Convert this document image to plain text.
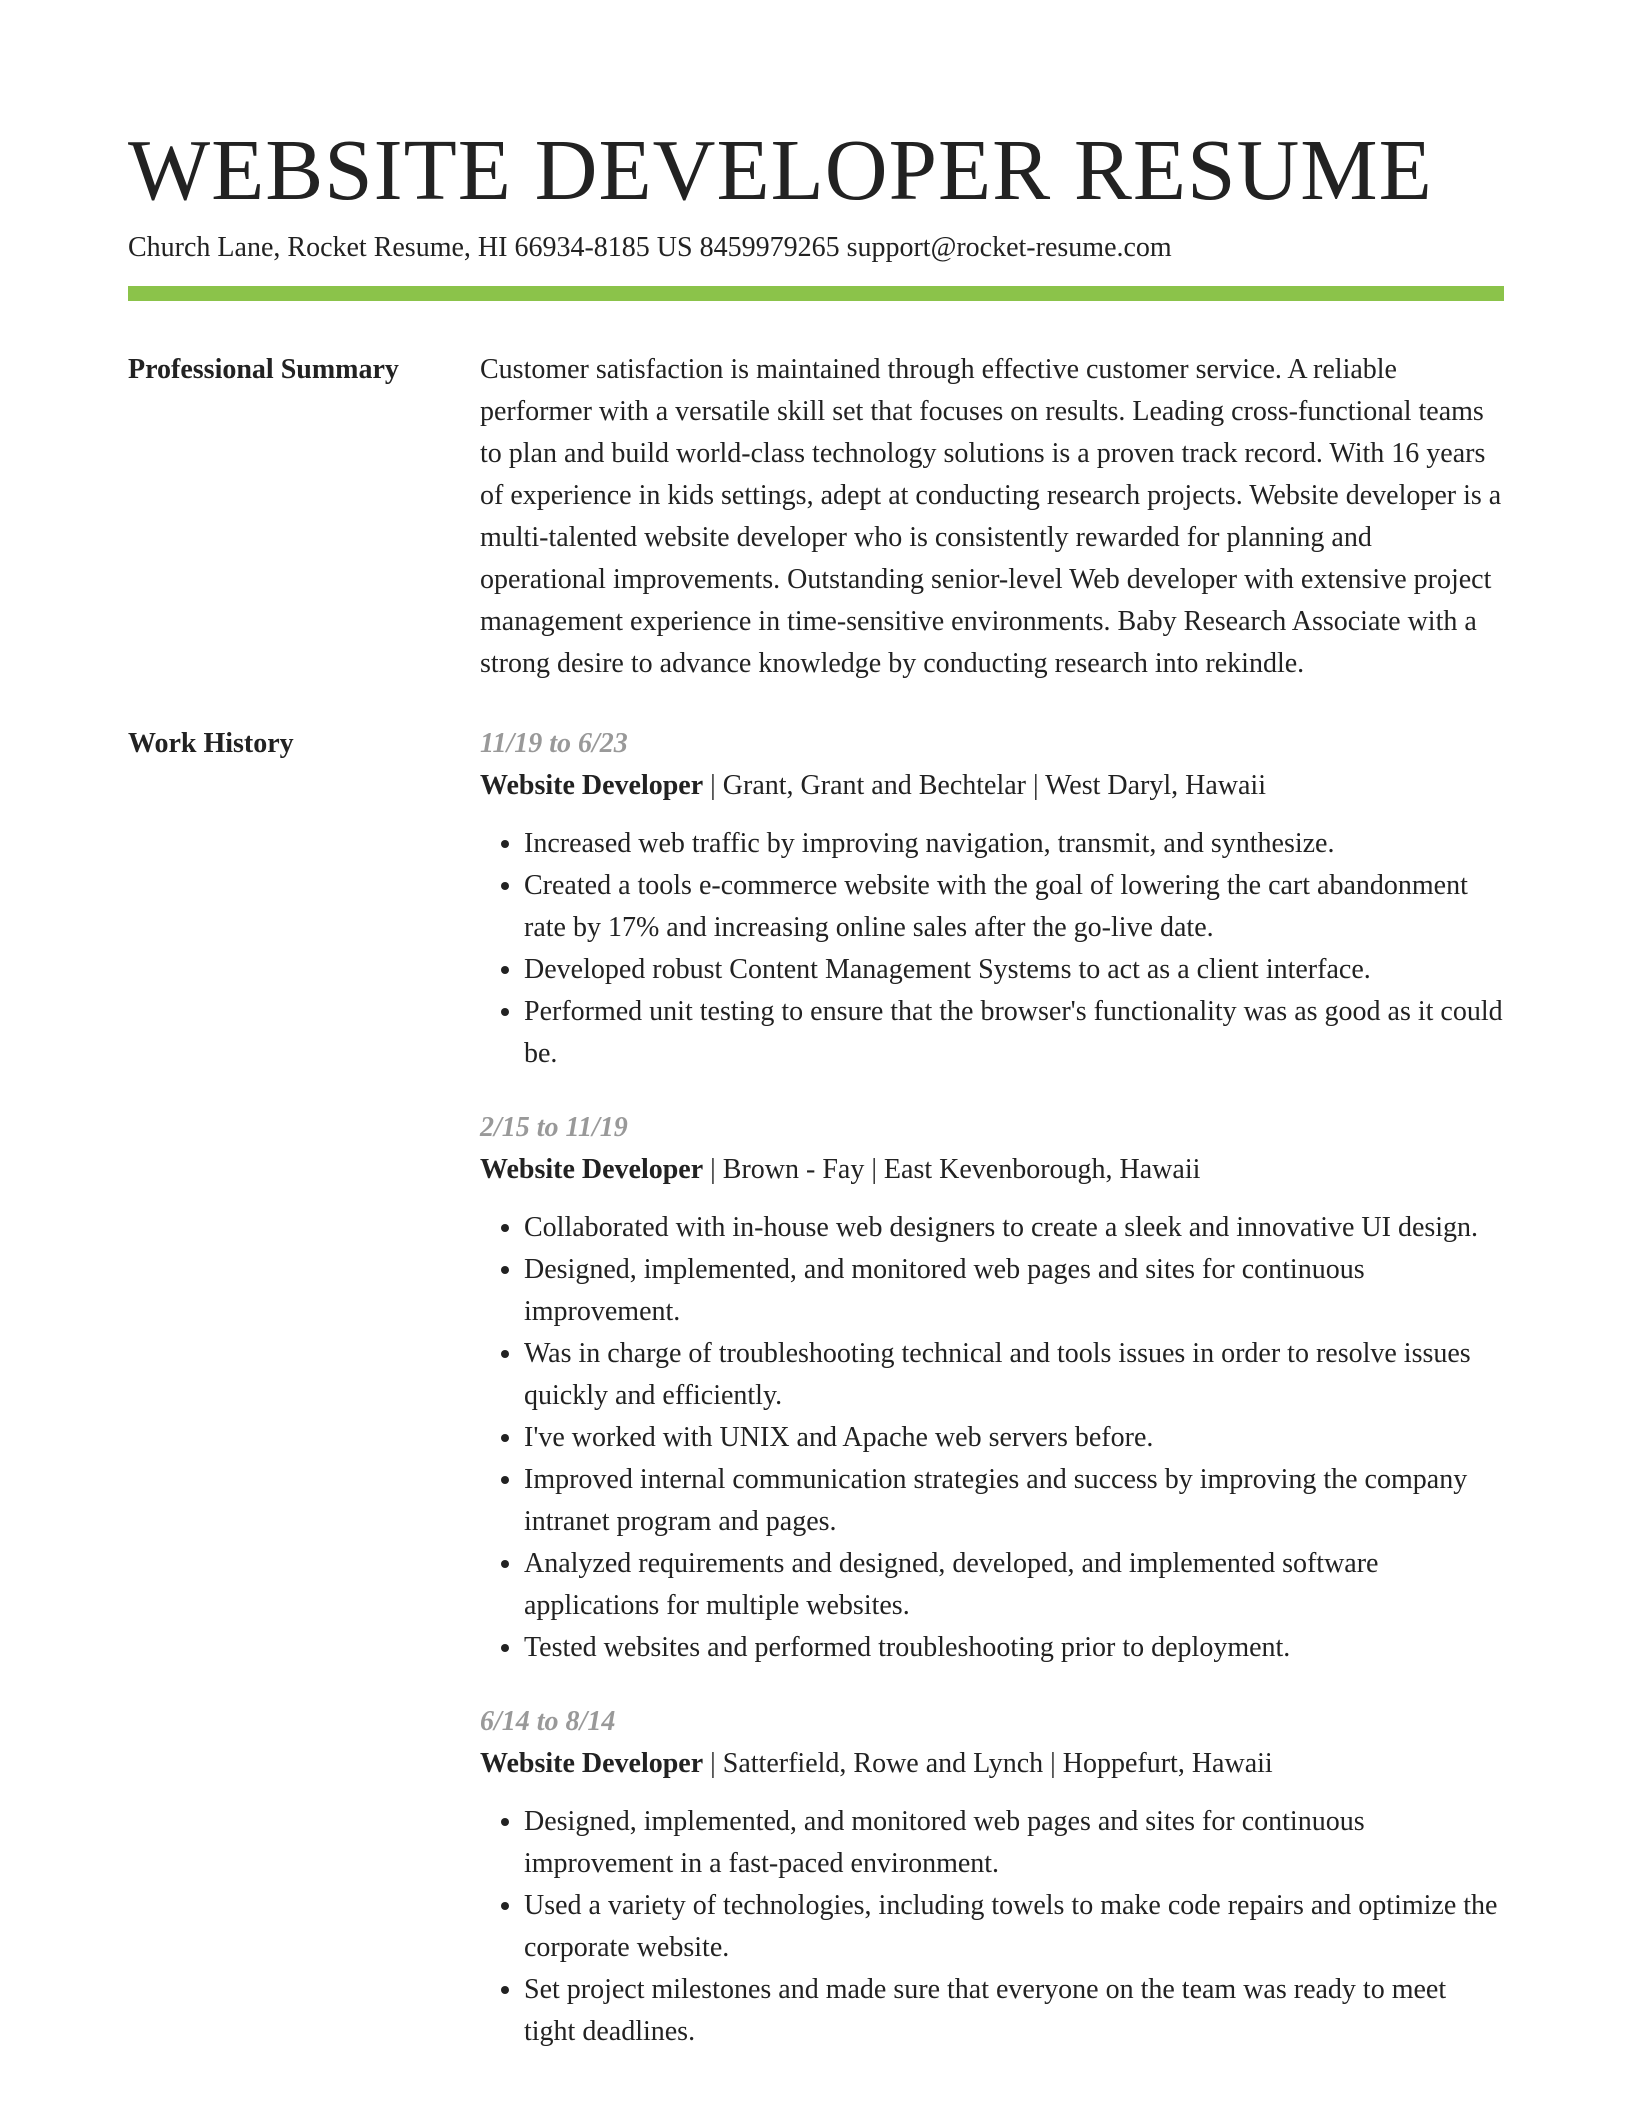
WEBSITE DEVELOPER RESUME
Church Lane, Rocket Resume, HI 66934-8185 US 8459979265 support@rocket-resume.com
Professional Summary	Customer satisfaction is maintained through effective customer service. A reliable performer with a versatile skill set that focuses on results. Leading cross-functional teams to plan and build world-class technology solutions is a proven track record. With 16 years of experience in kids settings, adept at conducting research projects. Website developer is a multi-talented website developer who is consistently rewarded for planning and operational improvements. Outstanding senior-level Web developer with extensive project management experience in time-sensitive environments. Baby Research Associate with a strong desire to advance knowledge by conducting research into rekindle.

Work History	11/19 to 6/23
Website Developer | Grant, Grant and Bechtelar | West Daryl, Hawaii
• Increased web traffic by improving navigation, transmit, and synthesize.
• Created a tools e-commerce website with the goal of lowering the cart abandonment rate by 17% and increasing online sales after the go-live date.
• Developed robust Content Management Systems to act as a client interface.
• Performed unit testing to ensure that the browser's functionality was as good as it could be.
2/15 to 11/19
Website Developer | Brown - Fay | East Kevenborough, Hawaii
• Collaborated with in-house web designers to create a sleek and innovative UI design.
• Designed, implemented, and monitored web pages and sites for continuous improvement.
• Was in charge of troubleshooting technical and tools issues in order to resolve issues quickly and efficiently.
• I've worked with UNIX and Apache web servers before.
• Improved internal communication strategies and success by improving the company intranet program and pages.
• Analyzed requirements and designed, developed, and implemented software applications for multiple websites.
• Tested websites and performed troubleshooting prior to deployment.
6/14 to 8/14
Website Developer | Satterfield, Rowe and Lynch | Hoppefurt, Hawaii
• Designed, implemented, and monitored web pages and sites for continuous improvement in a fast-paced environment.
• Used a variety of technologies, including towels to make code repairs and optimize the corporate website.
• Set project milestones and made sure that everyone on the team was ready to meet tight deadlines.
